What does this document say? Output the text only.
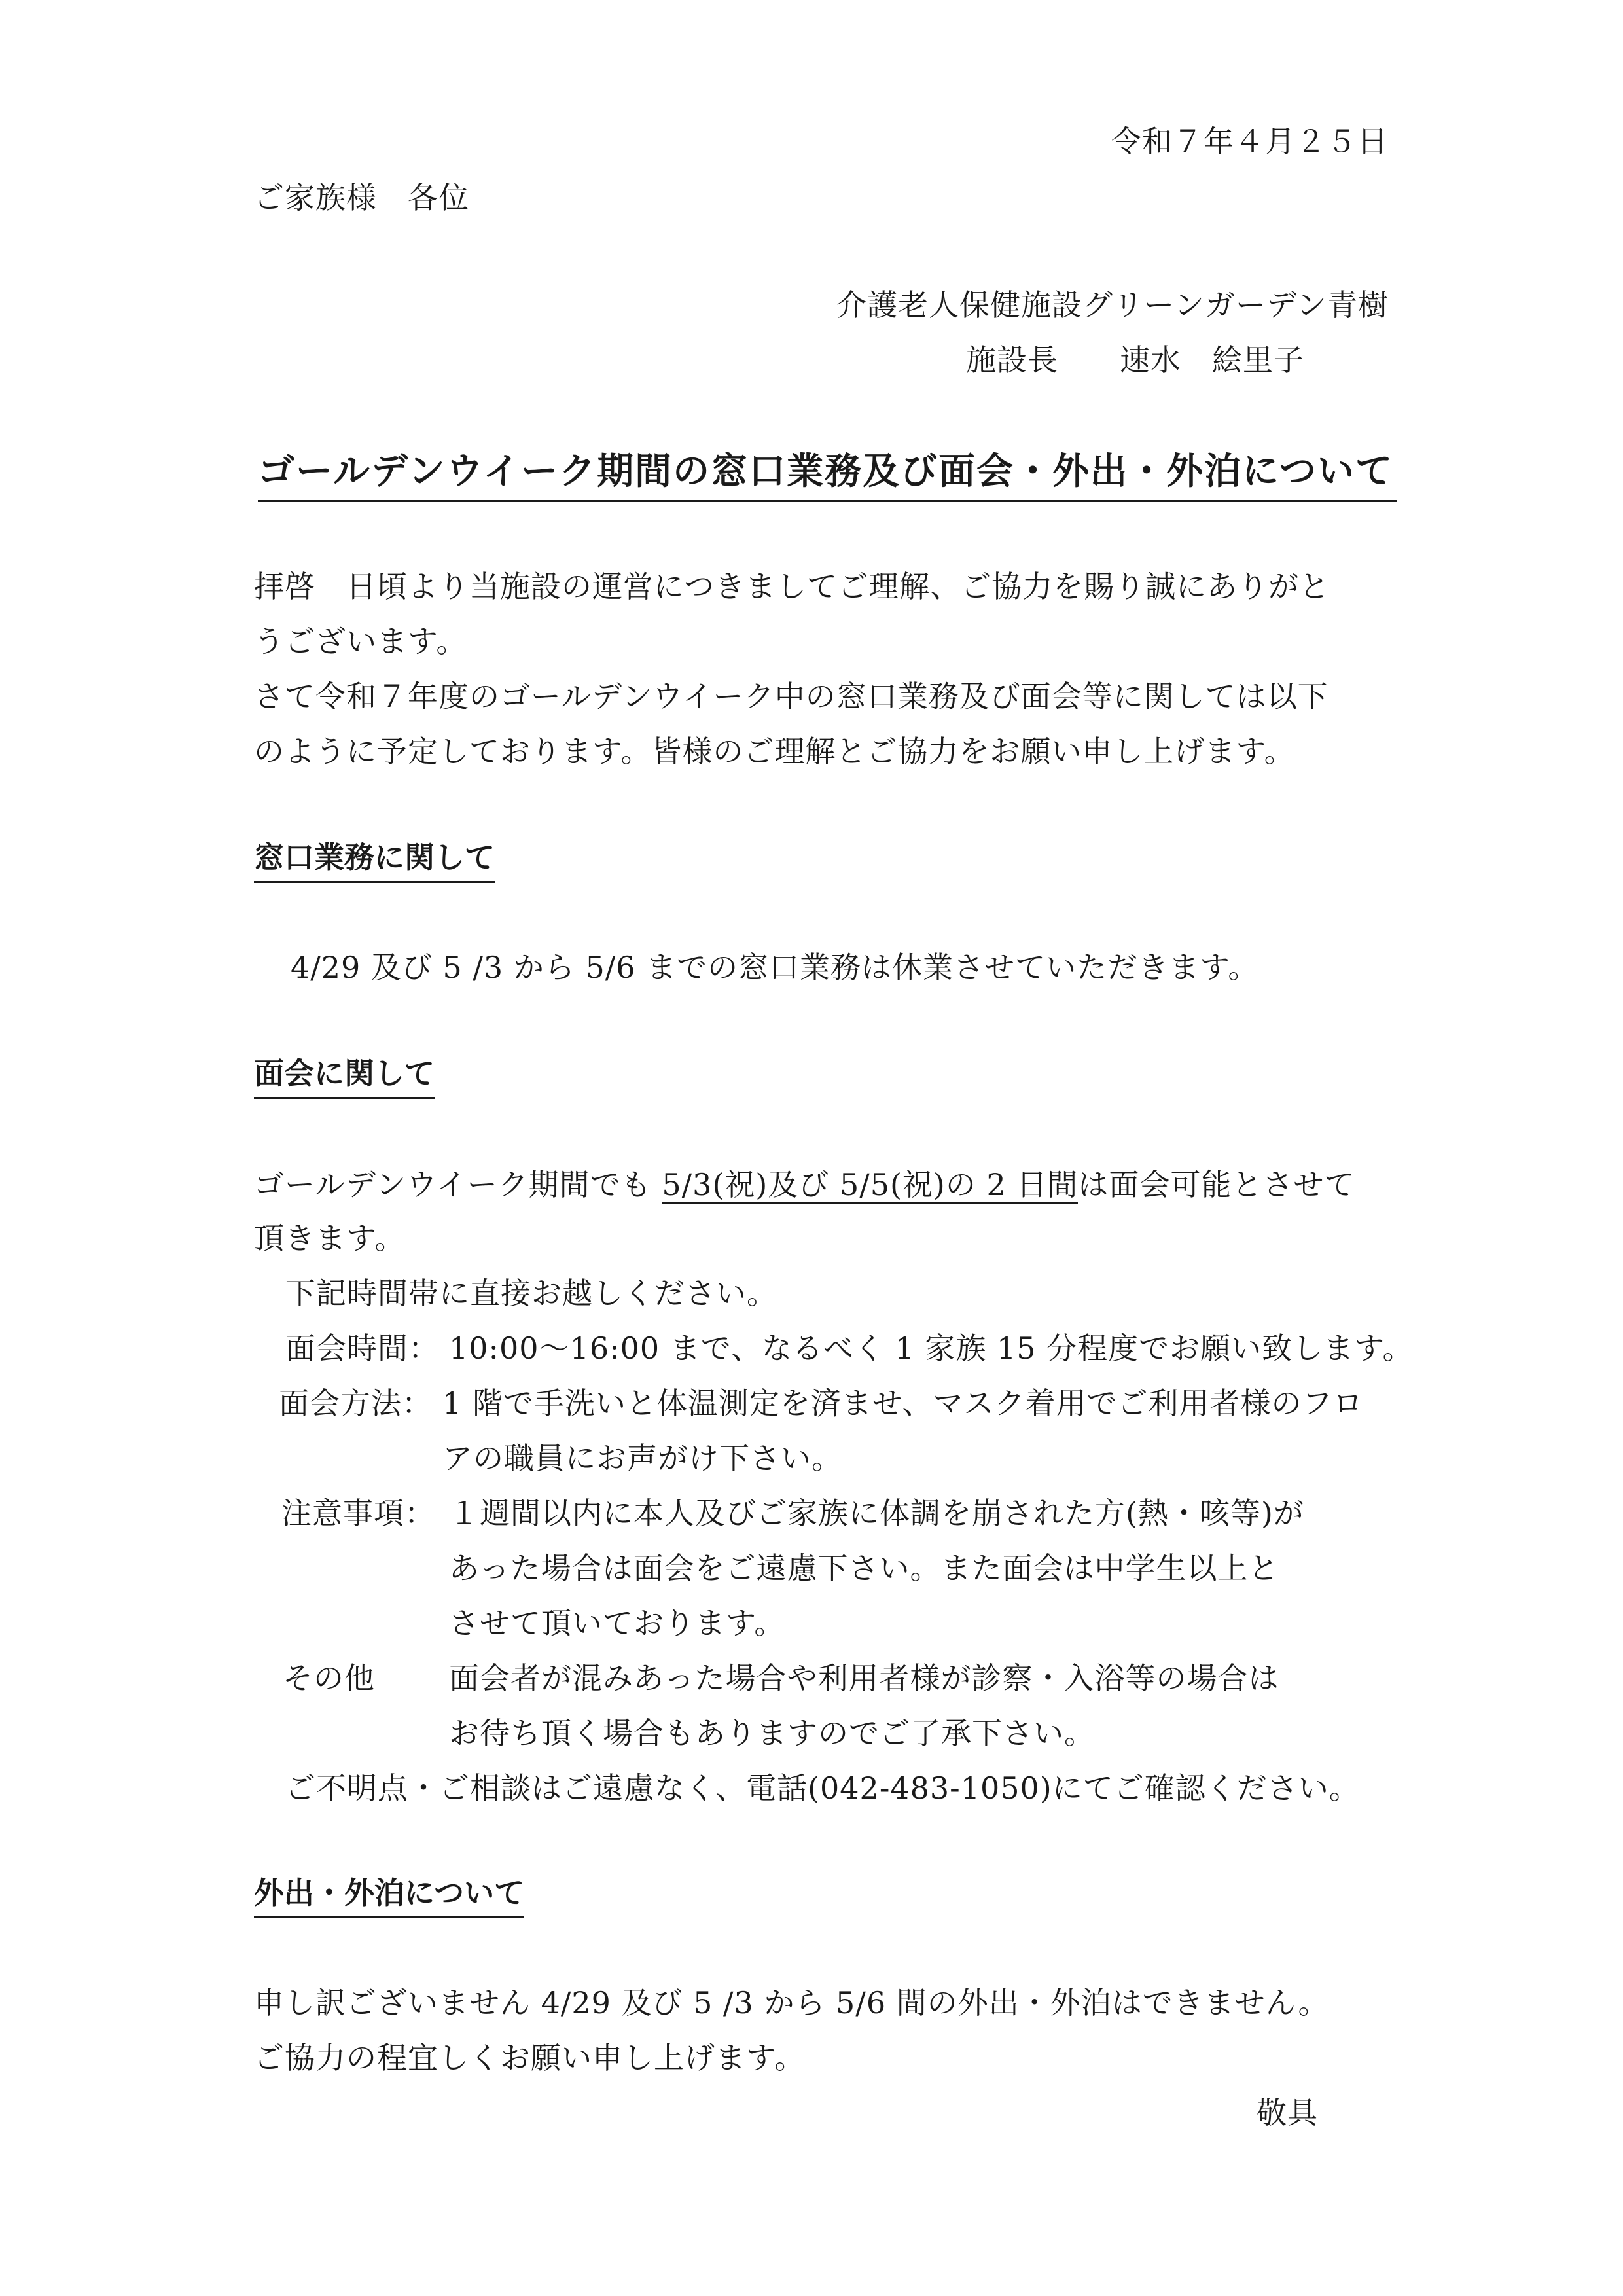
令和７年４月２５日
ご家族様　各位
介護老人保健施設グリーンガーデン青樹
施設長　　速水　絵里子
ゴールデンウイーク期間の窓口業務及び面会・外出・外泊について
拝啓　日頃より当施設の運営につきましてご理解、ご協力を賜り誠にありがと
うございます。
さて令和７年度のゴールデンウイーク中の窓口業務及び面会等に関しては以下
のように予定しております。皆様のご理解とご協力をお願い申し上げます。
窓口業務に関して
4/29 及び 5 /3 から 5/6 までの窓口業務は休業させていただきます。
面会に関して
ゴールデンウイーク期間でも 5/3(祝)及び 5/5(祝)の 2 日間は面会可能とさせて
頂きます。
下記時間帯に直接お越しください。
面会時間： 10:00～16:00 まで、なるべく 1 家族 15 分程度でお願い致します。
面会方法： 1 階で手洗いと体温測定を済ませ、マスク着用でご利用者様のフロ
アの職員にお声がけ下さい。
注意事項： １週間以内に本人及びご家族に体調を崩された方(熱・咳等)が
あった場合は面会をご遠慮下さい。また面会は中学生以上と
させて頂いております。
その他 面会者が混みあった場合や利用者様が診察・入浴等の場合は
お待ち頂く場合もありますのでご了承下さい。
ご不明点・ご相談はご遠慮なく、電話(042-483-1050)にてご確認ください。
外出・外泊について
申し訳ございません 4/29 及び 5 /3 から 5/6 間の外出・外泊はできません。
ご協力の程宜しくお願い申し上げます。
敬具
